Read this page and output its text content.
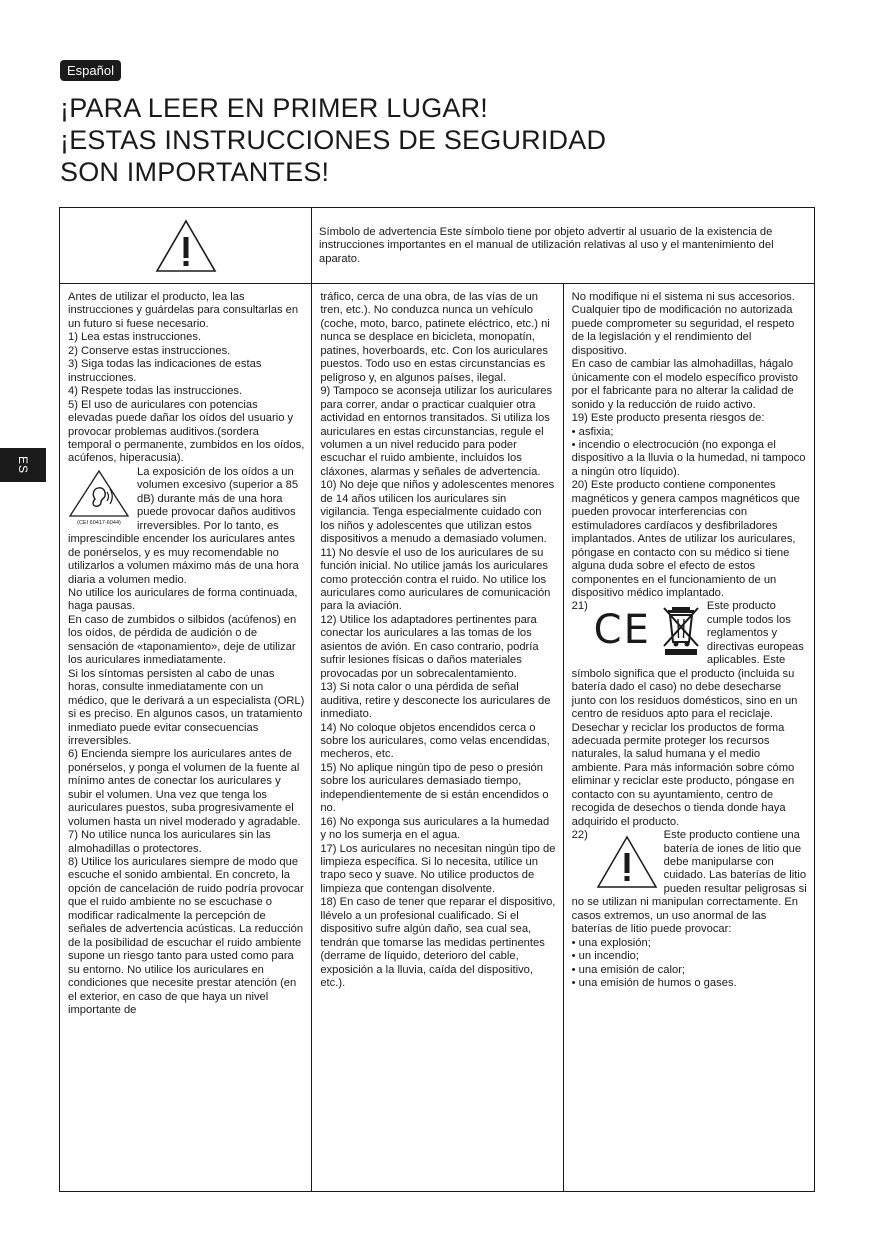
Español
¡PARA LEER EN PRIMER LUGAR!
¡ESTAS INSTRUCCIONES DE SEGURIDAD
SON IMPORTANTES!
ES
Símbolo de advertencia Este símbolo tiene por objeto advertir al usuario de la existencia de instrucciones importantes en el manual de utilización relativas al uso y el mantenimiento del aparato.

Antes de utilizar el producto, lea las instrucciones y guárdelas para consultarlas en un futuro si fuese necesario.

1) Lea estas instrucciones.

2) Conserve estas instrucciones.

3) Siga todas las indicaciones de estas instrucciones.

4) Respete todas las instrucciones.

5) El uso de auriculares con potencias elevadas puede dañar los oídos del usuario y provocar problemas auditivos.(sordera temporal o permanente, zumbidos en los oídos, acúfenos, hiperacusia).

(CEI 60417-6044)

La exposición de los oídos a un volumen excesivo (superior a 85 dB) durante más de una hora puede provocar daños auditivos irreversibles. Por lo tanto, es imprescindible encender los auriculares antes de ponérselos, y es muy recomendable no utilizarlos a volumen máximo más de una hora diaria a volumen medio.

No utilice los auriculares de forma continuada, haga pausas.

En caso de zumbidos o silbidos (acúfenos) en los oídos, de pérdida de audición o de sensación de «taponamiento», deje de utilizar los auriculares inmediatamente.

Si los síntomas persisten al cabo de unas horas, consulte inmediatamente con un médico, que le derivará a un especialista (ORL) si es preciso. En algunos casos, un tratamiento inmediato puede evitar consecuencias irreversibles.

6) Encienda siempre los auriculares antes de ponérselos, y ponga el volumen de la fuente al mínimo antes de conectar los auriculares y subir el volumen. Una vez que tenga los auriculares puestos, suba progresivamente el volumen hasta un nivel moderado y agradable.

7) No utilice nunca los auriculares sin las almohadillas o protectores.

8) Utilice los auriculares siempre de modo que escuche el sonido ambiental. En concreto, la opción de cancelación de ruido podría provocar que el ruido ambiente no se escuchase o modificar radicalmente la percepción de señales de advertencia acústicas. La reducción de la posibilidad de escuchar el ruido ambiente supone un riesgo tanto para usted como para su entorno. No utilice los auriculares en condiciones que necesite prestar atención (en el exterior, en caso de que haya un nivel importante de

tráfico, cerca de una obra, de las vías de un tren, etc.). No conduzca nunca un vehículo (coche, moto, barco, patinete eléctrico, etc.) ni nunca se desplace en bicicleta, monopatín, patines, hoverboards, etc. Con los auriculares puestos. Todo uso en estas circunstancias es peligroso y, en algunos países, ilegal.

9) Tampoco se aconseja utilizar los auriculares para correr, andar o practicar cualquier otra actividad en entornos transitados. Si utiliza los auriculares en estas circunstancias, regule el volumen a un nivel reducido para poder escuchar el ruido ambiente, incluidos los cláxones, alarmas y señales de advertencia.

10) No deje que niños y adolescentes menores de 14 años utilicen los auriculares sin vigilancia. Tenga especialmente cuidado con los niños y adolescentes que utilizan estos dispositivos a menudo a demasiado volumen.

11) No desvíe el uso de los auriculares de su función inicial. No utilice jamás los auriculares como protección contra el ruido. No utilice los auriculares como auriculares de comunicación para la aviación.

12) Utilice los adaptadores pertinentes para conectar los auriculares a las tomas de los asientos de avión. En caso contrario, podría sufrir lesiones físicas o daños materiales provocadas por un sobrecalentamiento.

13) Si nota calor o una pérdida de señal auditiva, retire y desconecte los auriculares de inmediato.

14) No coloque objetos encendidos cerca o sobre los auriculares, como velas encendidas, mecheros, etc.

15) No aplique ningún tipo de peso o presión sobre los auriculares demasiado tiempo, independientemente de si están encendidos o no.

16) No exponga sus auriculares a la humedad y no los sumerja en el agua.

17) Los auriculares no necesitan ningún tipo de limpieza específica. Si lo necesita, utilice un trapo seco y suave. No utilice productos de limpieza que contengan disolvente.

18) En caso de tener que reparar el dispositivo, llévelo a un profesional cualificado. Si el dispositivo sufre algún daño, sea cual sea, tendrán que tomarse las medidas pertinentes (derrame de líquido, deterioro del cable, exposición a la lluvia, caída del dispositivo, etc.).

No modifique ni el sistema ni sus accesorios. Cualquier tipo de modificación no autorizada puede comprometer su seguridad, el respeto de la legislación y el rendimiento del dispositivo.

En caso de cambiar las almohadillas, hágalo únicamente con el modelo específico provisto por el fabricante para no alterar la calidad de sonido y la reducción de ruido activo.

19) Este producto presenta riesgos de:

• asfixia;

• incendio o electrocución (no exponga el dispositivo a la lluvia o la humedad, ni tampoco a ningún otro líquido).

20) Este producto contiene componentes magnéticos y genera campos magnéticos que pueden provocar interferencias con estimuladores cardíacos y desfibriladores implantados. Antes de utilizar los auriculares, póngase en contacto con su médico si tiene alguna duda sobre el efecto de estos componentes en el funcionamiento de un dispositivo médico implantado.

21)
CE

Este producto cumple todos los reglamentos y directivas europeas aplicables. Este símbolo significa que el producto (incluida su batería dado el caso) no debe desecharse junto con los residuos domésticos, sino en un centro de residuos apto para el reciclaje. Desechar y reciclar los productos de forma adecuada permite proteger los recursos naturales, la salud humana y el medio ambiente. Para más información sobre cómo eliminar y reciclar este producto, póngase en contacto con su ayuntamiento, centro de recogida de desechos o tienda donde haya adquirido el producto.

22)	Este producto contiene una batería de iones de litio que debe manipularse con cuidado. Las baterías de litio pueden resultar peligrosas si no se utilizan ni manipulan correctamente. En casos extremos, un uso anormal de las baterías de litio puede provocar:

• una explosión;

• un incendio;

• una emisión de calor;

• una emisión de humos o gases.
